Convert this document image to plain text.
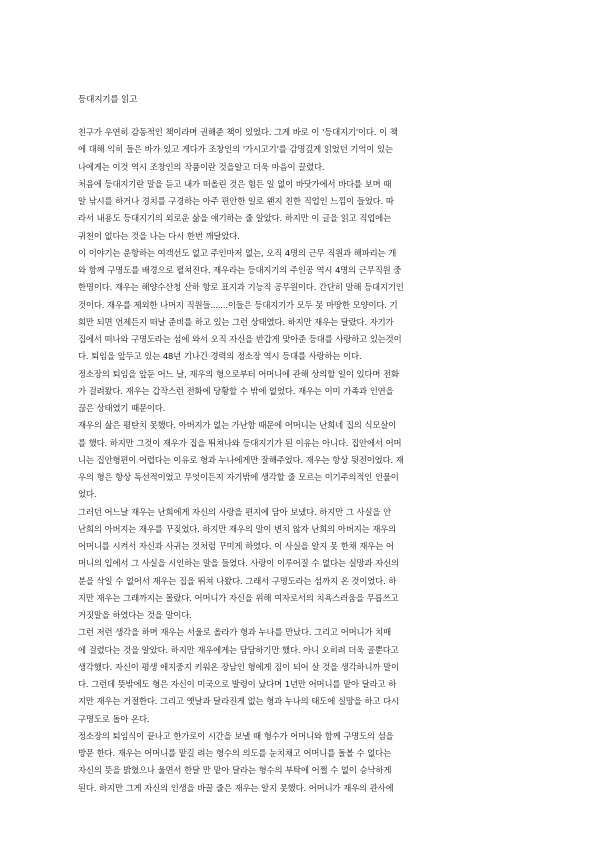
등대지기를 읽고
친구가 우연히 감동적인 책이라며 권해준 책이 있었다. 그게 바로 이 '등대지기'이다. 이 책
에 대해 익히 들은 바가 있고 게다가 조창인의 '가시고기'를 감명깊게 읽었던 기억이 있는
나에게는 이것 역시 조창인의 작품이란 것을알고 더욱 마음이 끌렸다.
처음에 등대지기란 말을 듣고 내가 떠올린 것은 힘든 일 없이 바닷가에서 바다를 보며 때
알 낚시를 하거나 경치를 구경하는 아주 편안한 일로 왠지 친한 직업인 느낌이 들었다. 따
라서 내용도 등대지기의 외로운 삶을 얘기하는 줄 알았다. 하지만 이 글을 읽고 직업에는
귀천이 없다는 것을 나는 다시 한번 깨달았다.
이 이야기는 운항하는 여객선도 없고 주인마저 없는, 오직 4명의 근무 직원과 해파리는 개
와 함께 구명도를 배경으로 펼쳐진다. 재우라는 등대지기의 주인공 역시 4명의 근무직원 중
한명이다. 재우는 해양수산청 산하 항로 표지과 기능직 공무원이다. 간단히 말해 등대지기인
것이다. 재우를 제외한 나머지 직원들.......이들은 등대지기가 모두 못 마땅한 모양이다. 기
회만 되면 언제든지 떠날 준비를 하고 있는 그런 상태였다. 하지만 재우는 달랐다. 자기가
집에서 떠나와 구명도라는 섬에 와서 오직 자신을 반갑게 맞아준 등대를 사랑하고 있는것이
다. 퇴임을 앞두고 있는 48년 기나긴 경력의 정소장 역시 등대를 사랑하는 이다.
정소장의 퇴임을 앞둔 어느 날, 재우의 형으로부터 어머니에 관해 상의할 일이 있다며 전화
가 걸려왔다. 재우는 갑작스런 전화에 당황할 수 밖에 없었다. 재우는 이미 가족과 인연을
끊은 상태였기 때문이다.
재우의 삶은 평탄치 못했다. 아버지가 없는 가난함 때문에 어머니는 난희네 집의 식모살이
를 했다. 하지만 그것이 재우가 집을 뛰쳐나와 등대지기가 된 이유는 아니다. 집안에서 어머
니는 집안형편이 어렵다는 이유로 형과 누나에게만 잘해주었다. 재우는 항상 뒷전이었다. 재
우의 형은 항상 독선적이었고 무엇이든지 자기밖에 생각할 줄 모르는 이기주의적인 인물이
었다.
그러던 어느날 재우는 난희에게 자신의 사랑을 편지에 담아 보냈다. 하지만 그 사실을 안
난희의 아버지는 재우를 꾸짖었다. 하지만 재우의 말이 변치 않자 난희의 아버지는 재우의
어머니를 시켜서 자신과 사귀는 것처럼 꾸미게 하였다. 이 사실을 알지 못 한채 재우는 어
머니의 입에서 그 사실을 시인하는 말을 들었다. 사랑이 이루어질 수 없다는 실망과 자신의
분을 삭일 수 없어서 재우는 집을 뛰쳐 나왔다. 그래서 구명도라는 섬까지 온 것이었다. 하
지만 재우는 그래까지는 몰랐다. 어머니가 자신을 위해 여자로서의 치욕스러움을 무릅쓰고
거짓말을 하였다는 것을 말이다.
그런 저런 생각을 하며 재우는 서울로 올라가 형과 누나를 만났다. 그리고 어머니가 치매
에 걸렸다는 것을 알았다. 하지만 재우에게는 담담하기만 했다. 아니 오히려 더욱 골뿐다고
생각했다. 자신이 평생 애지중지 키워온 장남인 형에게 짐이 되어 살 것을 생각하니까 말이
다. 그런데 뜻밖에도 형은 자신이 미국으로 발령이 났다며 1년만 어머니를 맡아 달라고 하
지만 재우는 거절한다. 그리고 옛날과 달라진게 없는 형과 누나의 태도에 실망을 하고 다시
구명도로 돌아 온다.
정소장의 퇴임식이 끝나고 한가로이 시간을 보낼 때 형수가 어머니와 함께 구명도의 섬을
방문 한다. 재우는 어머니를 맡길 려는 형수의 의도를 눈치채고 어머니를 돌볼 수 없다는
자신의 뜻을 밝혔으나 울면서 한달 만 맡아 달라는 형수의 부탁에 어쩔 수 없이 승낙하게
된다. 하지만 그게 자신의 인생을 바꿀 줄은 재우는 알지 못했다. 어머니가 재우의 관사에
